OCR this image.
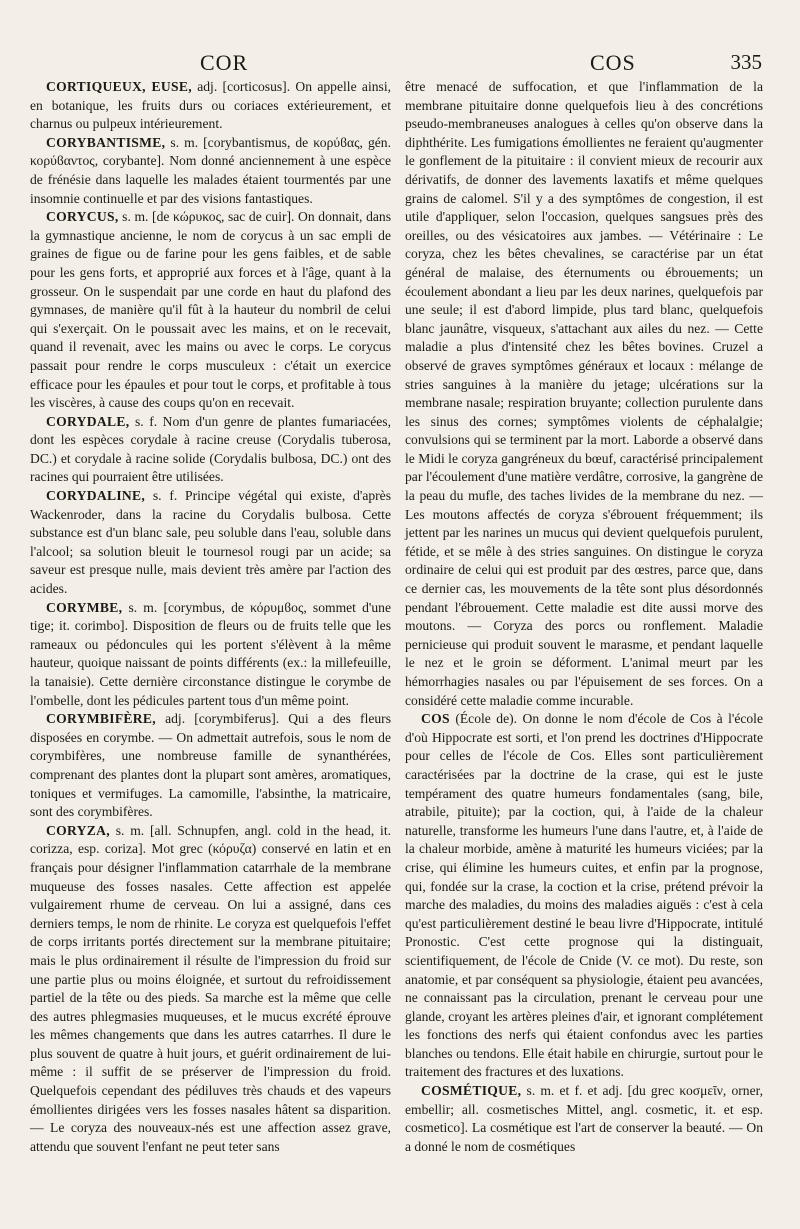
COR	COS	335

CORTIQUEUX, EUSE, adj. [corticosus]. On appelle ainsi, en botanique, les fruits durs ou coriaces extérieurement, et charnus ou pulpeux intérieurement.

CORYBANTISME, s. m. [corybantismus, de κορύϐας, gén. κορύϐαντος, corybante]. Nom donné anciennement à une espèce de frénésie dans laquelle les malades étaient tourmentés par une insomnie continuelle et par des visions fantastiques.

CORYCUS, s. m. [de κώρυκος, sac de cuir]. On donnait, dans la gymnastique ancienne, le nom de corycus à un sac empli de graines de figue ou de farine pour les gens faibles, et de sable pour les gens forts, et approprié aux forces et à l'âge, quant à la grosseur. On le suspendait par une corde en haut du plafond des gymnases, de manière qu'il fût à la hauteur du nombril de celui qui s'exerçait. On le poussait avec les mains, et on le recevait, quand il revenait, avec les mains ou avec le corps. Le corycus passait pour rendre le corps musculeux : c'était un exercice efficace pour les épaules et pour tout le corps, et profitable à tous les viscères, à cause des coups qu'on en recevait.

CORYDALE, s. f. Nom d'un genre de plantes fumariacées, dont les espèces corydale à racine creuse (Corydalis tuberosa, DC.) et corydale à racine solide (Corydalis bulbosa, DC.) ont des racines qui pourraient être utilisées.

CORYDALINE, s. f. Principe végétal qui existe, d'après Wackenroder, dans la racine du Corydalis bulbosa. Cette substance est d'un blanc sale, peu soluble dans l'eau, soluble dans l'alcool; sa solution bleuit le tournesol rougi par un acide; sa saveur est presque nulle, mais devient très amère par l'action des acides.

CORYMBE, s. m. [corymbus, de κόρυμϐος, sommet d'une tige; it. corimbo]. Disposition de fleurs ou de fruits telle que les rameaux ou pédoncules qui les portent s'élèvent à la même hauteur, quoique naissant de points différents (ex.: la millefeuille, la tanaisie). Cette dernière circonstance distingue le corymbe de l'ombelle, dont les pédicules partent tous d'un même point.

CORYMBIFÈRE, adj. [corymbiferus]. Qui a des fleurs disposées en corymbe. — On admettait autrefois, sous le nom de corymbifères, une nombreuse famille de synanthérées, comprenant des plantes dont la plupart sont amères, aromatiques, toniques et vermifuges. La camomille, l'absinthe, la matricaire, sont des corymbifères.

CORYZA, s. m. [all. Schnupfen, angl. cold in the head, it. corizza, esp. coriza]. Mot grec (κόρυζα) conservé en latin et en français pour désigner l'inflammation catarrhale de la membrane muqueuse des fosses nasales. Cette affection est appelée vulgairement rhume de cerveau. On lui a assigné, dans ces derniers temps, le nom de rhinite. Le coryza est quelquefois l'effet de corps irritants portés directement sur la membrane pituitaire; mais le plus ordinairement il résulte de l'impression du froid sur une partie plus ou moins éloignée, et surtout du refroidissement partiel de la tête ou des pieds. Sa marche est la même que celle des autres phlegmasies muqueuses, et le mucus excrété éprouve les mêmes changements que dans les autres catarrhes. Il dure le plus souvent de quatre à huit jours, et guérit ordinairement de lui-même : il suffit de se préserver de l'impression du froid. Quelquefois cependant des pédiluves très chauds et des vapeurs émollientes dirigées vers les fosses nasales hâtent sa disparition. — Le coryza des nouveaux-nés est une affection assez grave, attendu que souvent l'enfant ne peut teter sans

être menacé de suffocation, et que l'inflammation de la membrane pituitaire donne quelquefois lieu à des concrétions pseudo-membraneuses analogues à celles qu'on observe dans la diphthérite. Les fumigations émollientes ne feraient qu'augmenter le gonflement de la pituitaire : il convient mieux de recourir aux dérivatifs, de donner des lavements laxatifs et même quelques grains de calomel. S'il y a des symptômes de congestion, il est utile d'appliquer, selon l'occasion, quelques sangsues près des oreilles, ou des vésicatoires aux jambes. — Vétérinaire : Le coryza, chez les bêtes chevalines, se caractérise par un état général de malaise, des éternuments ou ébrouements; un écoulement abondant a lieu par les deux narines, quelquefois par une seule; il est d'abord limpide, plus tard blanc, quelquefois blanc jaunâtre, visqueux, s'attachant aux ailes du nez. — Cette maladie a plus d'intensité chez les bêtes bovines. Cruzel a observé de graves symptômes généraux et locaux : mélange de stries sanguines à la manière du jetage; ulcérations sur la membrane nasale; respiration bruyante; collection purulente dans les sinus des cornes; symptômes violents de céphalalgie; convulsions qui se terminent par la mort. Laborde a observé dans le Midi le coryza gangréneux du bœuf, caractérisé principalement par l'écoulement d'une matière verdâtre, corrosive, la gangrène de la peau du mufle, des taches livides de la membrane du nez. — Les moutons affectés de coryza s'ébrouent fréquemment; ils jettent par les narines un mucus qui devient quelquefois purulent, fétide, et se mêle à des stries sanguines. On distingue le coryza ordinaire de celui qui est produit par des œstres, parce que, dans ce dernier cas, les mouvements de la tête sont plus désordonnés pendant l'ébrouement. Cette maladie est dite aussi morve des moutons. — Coryza des porcs ou ronflement. Maladie pernicieuse qui produit souvent le marasme, et pendant laquelle le nez et le groin se déforment. L'animal meurt par les hémorrhagies nasales ou par l'épuisement de ses forces. On a considéré cette maladie comme incurable.

COS (École de). On donne le nom d'école de Cos à l'école d'où Hippocrate est sorti, et l'on prend les doctrines d'Hippocrate pour celles de l'école de Cos. Elles sont particulièrement caractérisées par la doctrine de la crase, qui est le juste tempérament des quatre humeurs fondamentales (sang, bile, atrabile, pituite); par la coction, qui, à l'aide de la chaleur naturelle, transforme les humeurs l'une dans l'autre, et, à l'aide de la chaleur morbide, amène à maturité les humeurs viciées; par la crise, qui élimine les humeurs cuites, et enfin par la prognose, qui, fondée sur la crase, la coction et la crise, prétend prévoir la marche des maladies, du moins des maladies aiguës : c'est à cela qu'est particulièrement destiné le beau livre d'Hippocrate, intitulé Pronostic. C'est cette prognose qui la distinguait, scientifiquement, de l'école de Cnide (V. ce mot). Du reste, son anatomie, et par conséquent sa physiologie, étaient peu avancées, ne connaissant pas la circulation, prenant le cerveau pour une glande, croyant les artères pleines d'air, et ignorant complétement les fonctions des nerfs qui étaient confondus avec les parties blanches ou tendons. Elle était habile en chirurgie, surtout pour le traitement des fractures et des luxations.

COSMÉTIQUE, s. m. et f. et adj. [du grec κοσμεῖν, orner, embellir; all. cosmetisches Mittel, angl. cosmetic, it. et esp. cosmetico]. La cosmétique est l'art de conserver la beauté. — On a donné le nom de cosmétiques
